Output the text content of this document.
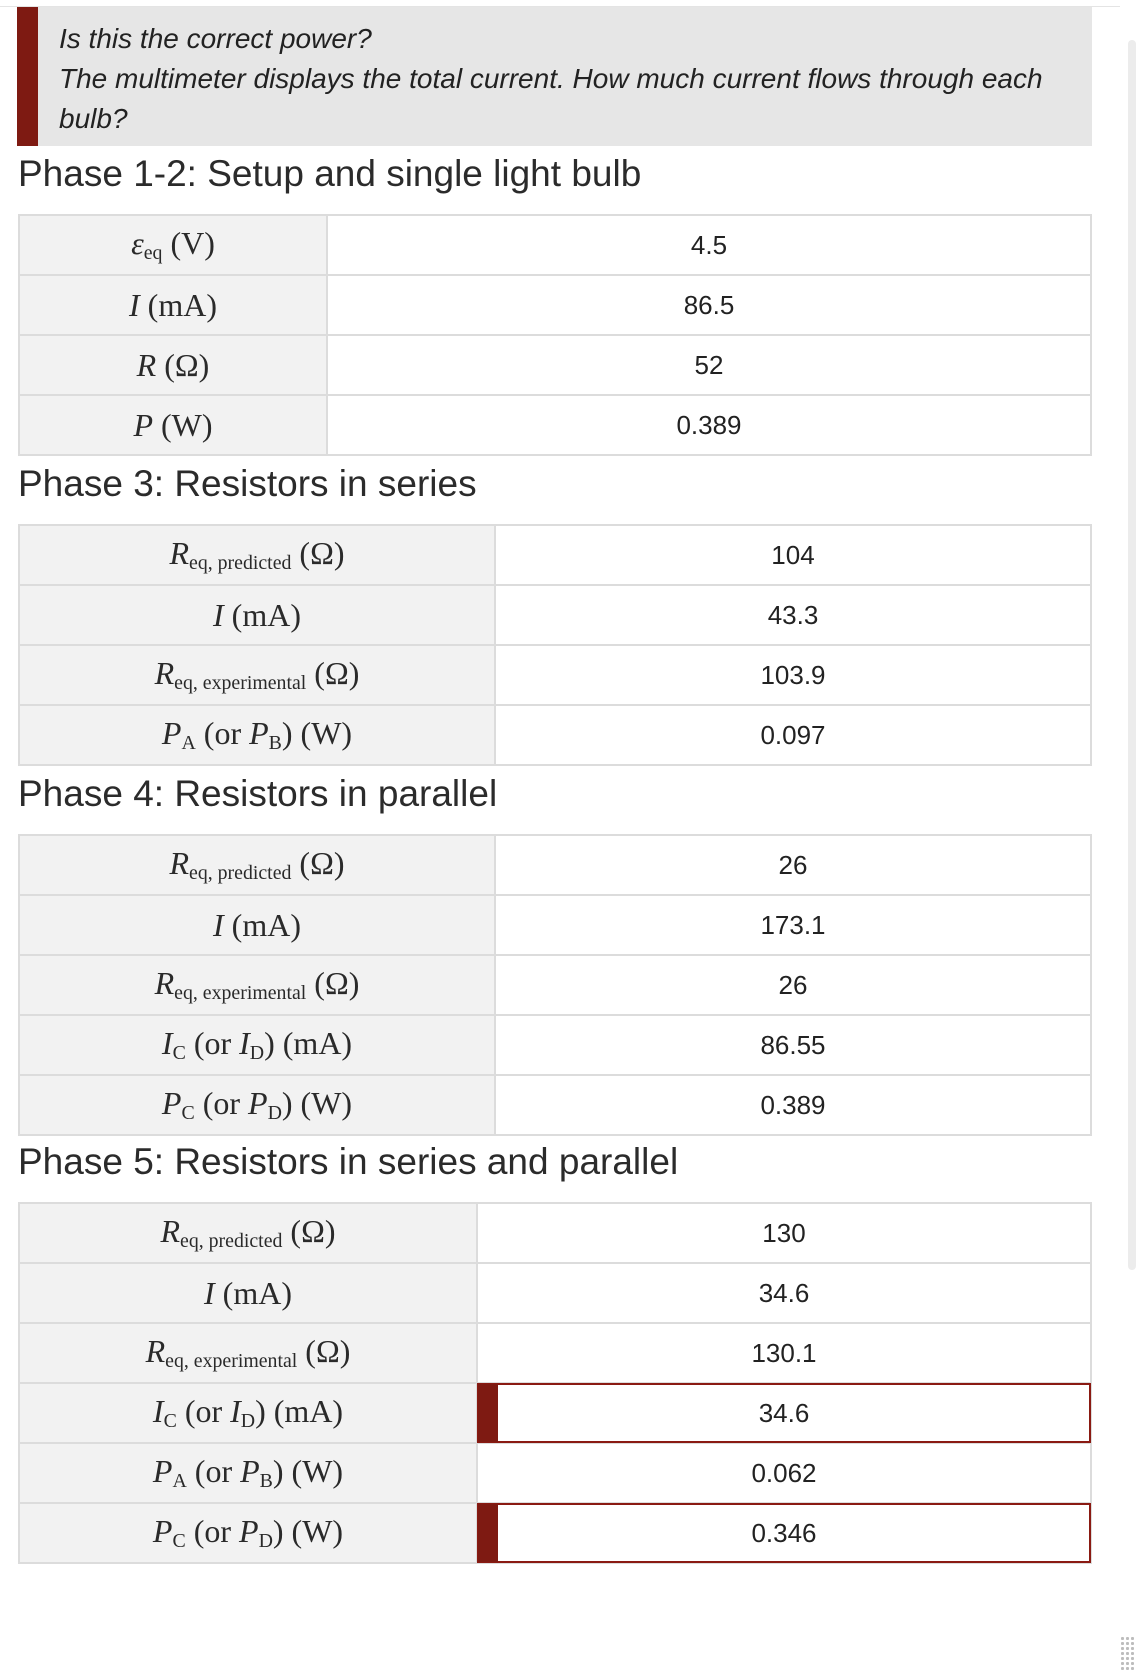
Is this the correct power?

The multimeter displays the total current. How much current flows through each bulb?

Phase 1-2: Setup and single light bulb
$\varepsilon_{eq}$ (V)	4.5
I (mA)	86.5
R (Ω)	52
P (W)	0.389
Phase 3: Resistors in series
$R_{eq, predicted}$ (Ω)	104
I (mA)	43.3
$R_{eq, experimental}$ (Ω)	103.9
$P_A$ (or $P_B$) (W)	0.097
Phase 4: Resistors in parallel
$R_{eq, predicted}$ (Ω)	26
I (mA)	173.1
$R_{eq, experimental}$ (Ω)	26
$I_C$ (or $I_D$) (mA)	86.55
$P_C$ (or $P_D$) (W)	0.389
Phase 5: Resistors in series and parallel
$R_{eq, predicted}$ (Ω)	130
I (mA)	34.6
$R_{eq, experimental}$ (Ω)	130.1
$I_C$ (or $I_D$) (mA)	34.6
$P_A$ (or $P_B$) (W)	0.062
$P_C$ (or $P_D$) (W)	0.346
